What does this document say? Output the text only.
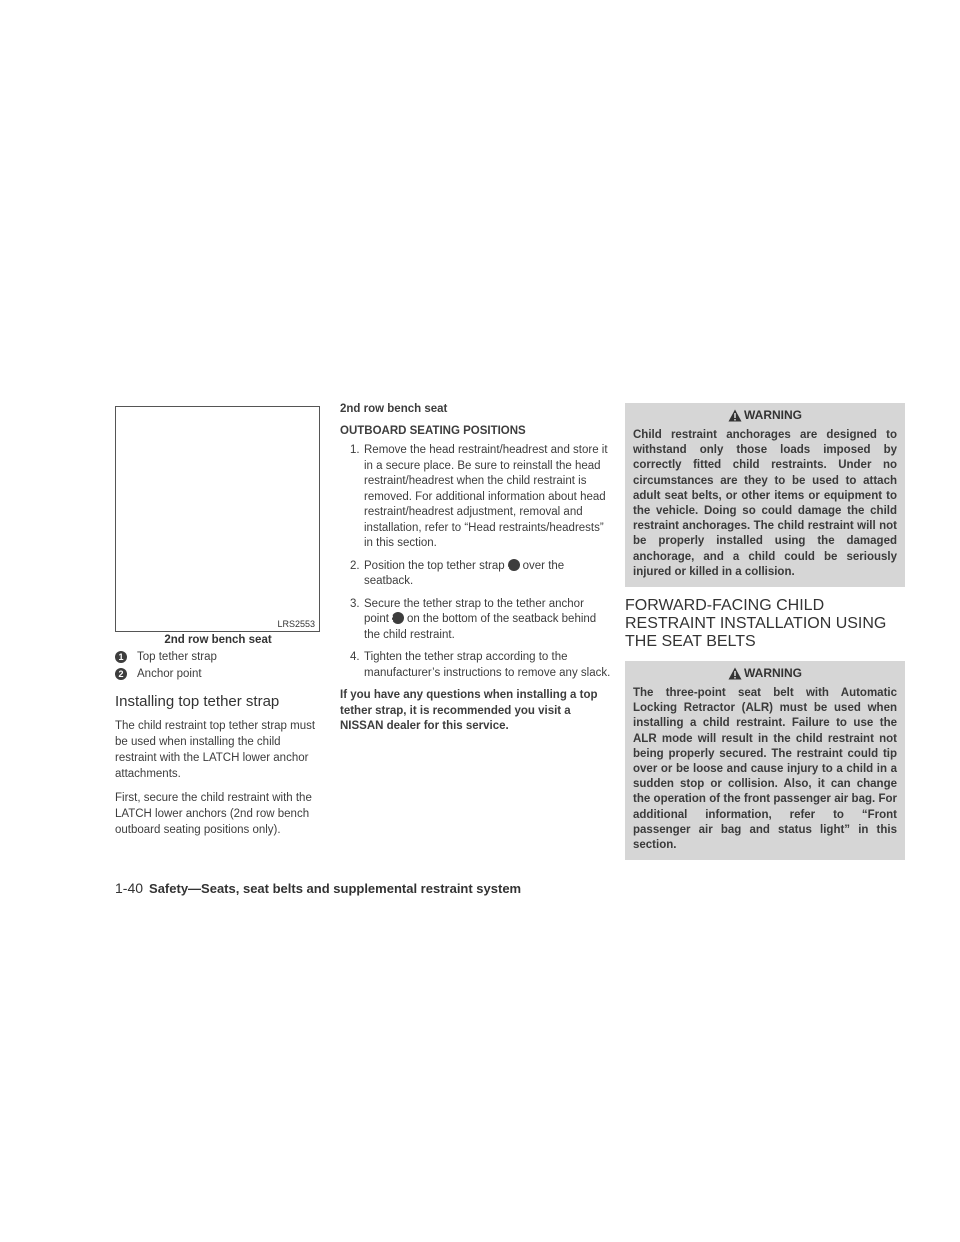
LRS2553
2nd row bench seat
1	Top tether strap
2	Anchor point
Installing top tether strap

The child restraint top tether strap must be used when installing the child restraint with the LATCH lower anchor attachments.

First, secure the child restraint with the LATCH lower anchors (2nd row bench outboard seating positions only).

2nd row bench seat
OUTBOARD SEATING POSITIONS
1. Remove the head restraint/headrest and store it in a secure place. Be sure to reinstall the head restraint/headrest when the child restraint is removed. For additional information about head restraint/headrest adjustment, removal and installation, refer to “Head restraints/headrests” in this section.
2. Position the top tether strap1 over the seatback.
3. Secure the tether strap to the tether anchor point2 on the bottom of the seatback behind the child restraint.
4. Tighten the tether strap according to the manufacturer’s instructions to remove any slack.
If you have any questions when installing a top tether strap, it is recommended you visit a NISSAN dealer for this service.
WARNING
Child restraint anchorages are designed to withstand only those loads imposed by correctly fitted child restraints. Under no circumstances are they to be used to attach adult seat belts, or other items or equipment to the vehicle. Doing so could damage the child restraint anchorages. The child restraint will not be properly installed using the damaged anchorage, and a child could be seriously injured or killed in a collision.
FORWARD-FACING CHILD RESTRAINT INSTALLATION USING THE SEAT BELTS
WARNING
The three-point seat belt with Automatic Locking Retractor (ALR) must be used when installing a child restraint. Failure to use the ALR mode will result in the child restraint not being properly secured. The restraint could tip over or be loose and cause injury to a child in a sudden stop or collision. Also, it can change the operation of the front passenger air bag. For additional information, refer to “Front passenger air bag and status light” in this section.
1-40 Safety—Seats, seat belts and supplemental restraint system
